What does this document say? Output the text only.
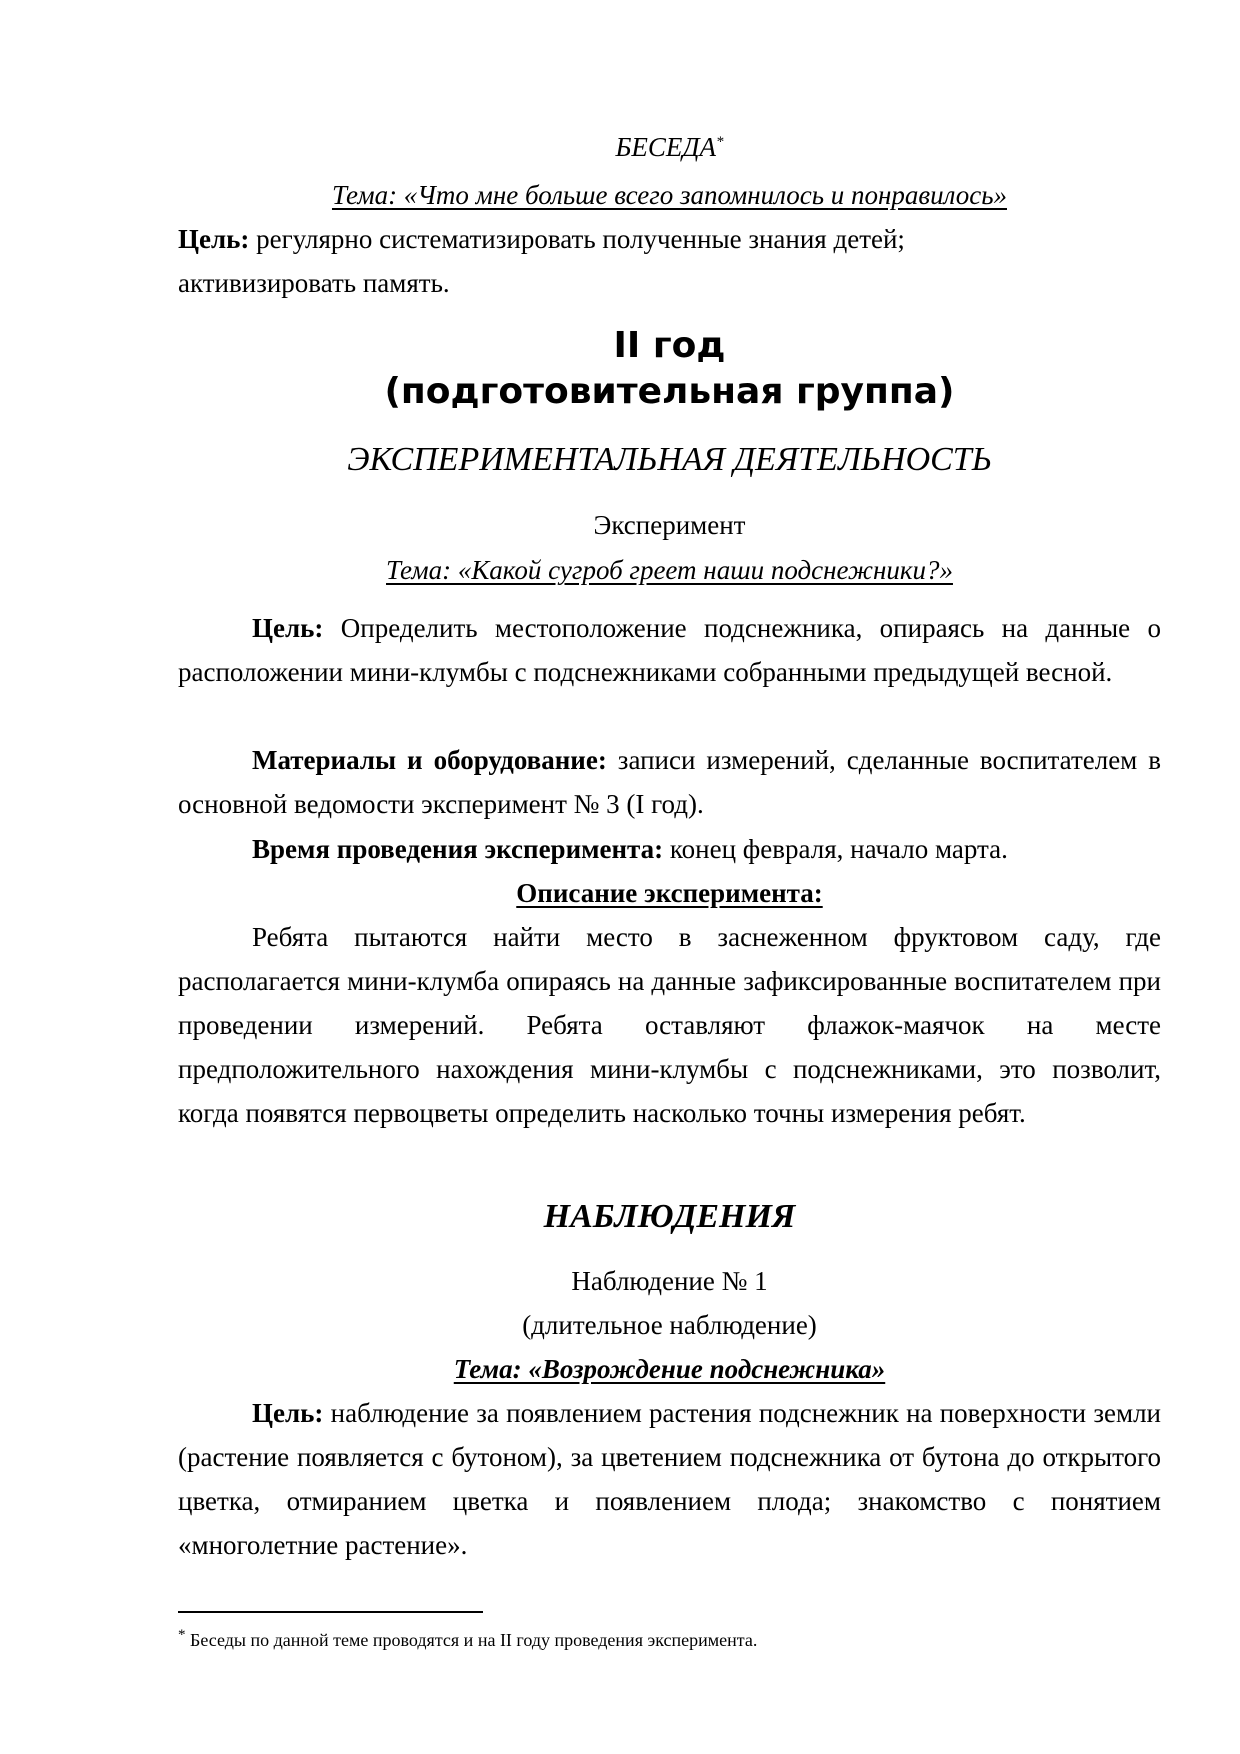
БЕСЕДА*
Тема: «Что мне больше всего запомнилось и понравилось»
Цель: регулярно систематизировать полученные знания детей;
активизировать память.
II год
(подготовительная группа)
ЭКСПЕРИМЕНТАЛЬНАЯ ДЕЯТЕЛЬНОСТЬ
Эксперимент
Тема: «Какой сугроб греет наши подснежники?»
Цель: Определить местоположение подснежника, опираясь на данные о расположении мини-клумбы с подснежниками собранными предыдущей весной.
Материалы и оборудование: записи измерений, сделанные воспитателем в основной ведомости эксперимент № 3 (I год).
Время проведения эксперимента: конец февраля, начало марта.
Описание эксперимента:
Ребята пытаются найти место в заснеженном фруктовом саду, где располагается мини-клумба опираясь на данные зафиксированные воспитателем при проведении измерений. Ребята оставляют флажок-маячок на месте предположительного нахождения мини-клумбы с подснежниками, это позволит, когда появятся первоцветы определить насколько точны измерения ребят.
НАБЛЮДЕНИЯ
Наблюдение № 1
(длительное наблюдение)
Тема: «Возрождение подснежника»
Цель: наблюдение за появлением растения подснежник на поверхности земли (растение появляется с бутоном), за цветением подснежника от бутона до открытого цветка, отмиранием цветка и появлением плода; знакомство с понятием «многолетние растение».
* Беседы по данной теме проводятся и на II году проведения эксперимента.
